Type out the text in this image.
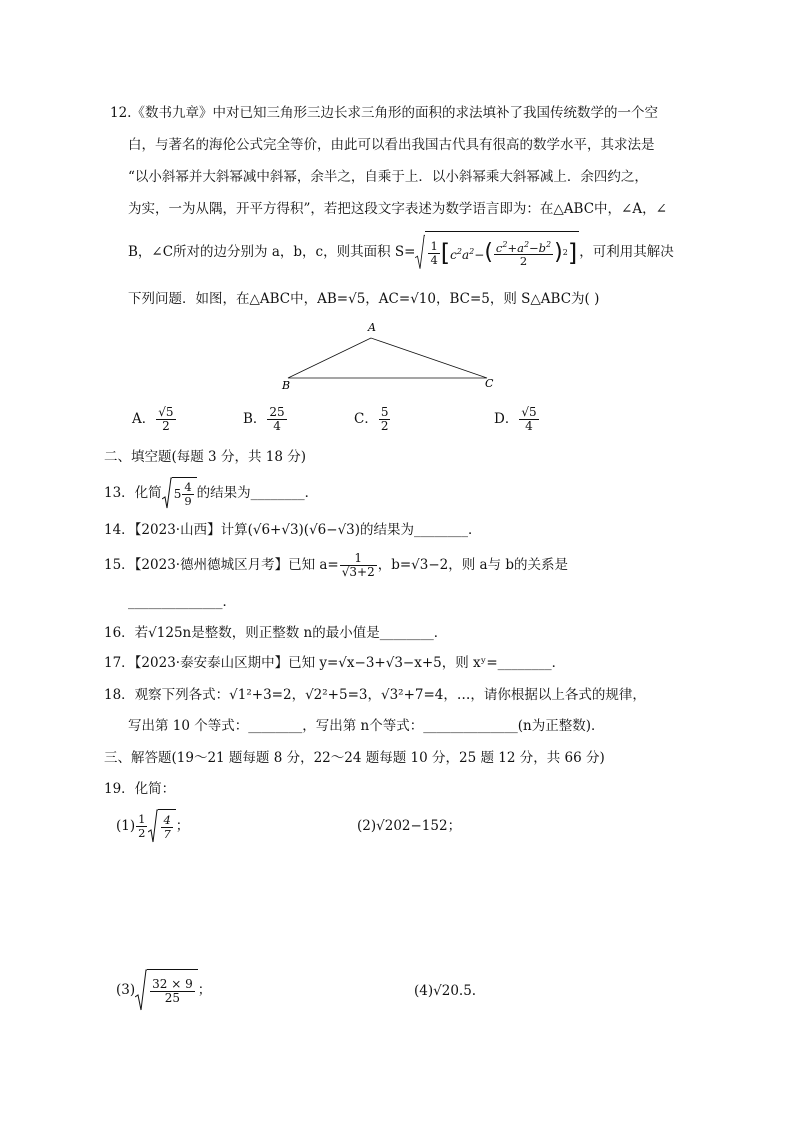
12.《数书九章》中对已知三角形三边长求三角形的面积的求法填补了我国传统数学的一个空
白，与著名的海伦公式完全等价，由此可以看出我国古代具有很高的数学水平，其求法是
“以小斜幂并大斜幂减中斜幂，余半之，自乘于上．以小斜幂乘大斜幂减上．余四约之，
为实，一为从隅，开平方得积”，若把这段文字表述为数学语言即为：在△ABC中，∠A，∠
B，∠C所对的边分别为 a，b，c，则其面积 $S= \frac{1}{4}$ [ $c^2a^2-$ ( $\frac{c^2+a^2-b^2}{2}$ ) 2 ] ，可利用其解决
下列问题．如图，在△ABC中，AB=√5，AC=√10，BC=5，则 S△ABC为( )
A
B	C
A． $\frac{√5}{2}$	B． $\frac{25}{4}$	C． $\frac{5}{2}$	D． $\frac{√5}{4}$
二、填空题(每题 3 分，共 18 分)
13．化简 $5 \frac{4}{9}$ 的结果为________．
14．【2023·山西】计算(√6+√3)(√6−√3)的结果为________．
15．【2023·德州德城区月考】已知 $a= \frac{1}{√3+2}$ ，b=√3−2，则 a与 b的关系是
______________．
16．若√125n是整数，则正整数 n的最小值是________．
17．【2023·泰安泰山区期中】已知 y=√x−3+√3−x+5，则 xʸ=________．
18．观察下列各式：√1²+3=2，√2²+5=3，√3²+7=4，…，请你根据以上各式的规律，
写出第 10 个等式：________，写出第 n个等式：______________(n为正整数)．
三、解答题(19～21 题每题 8 分，22～24 题每题 10 分，25 题 12 分，共 66 分)
19．化简：
$(1) \frac{1}{2} \frac{4}{7}$ ；	(2)√202−152；
$(3) \frac{32 \times 9}{25}$ ；	(4)√20.5.
